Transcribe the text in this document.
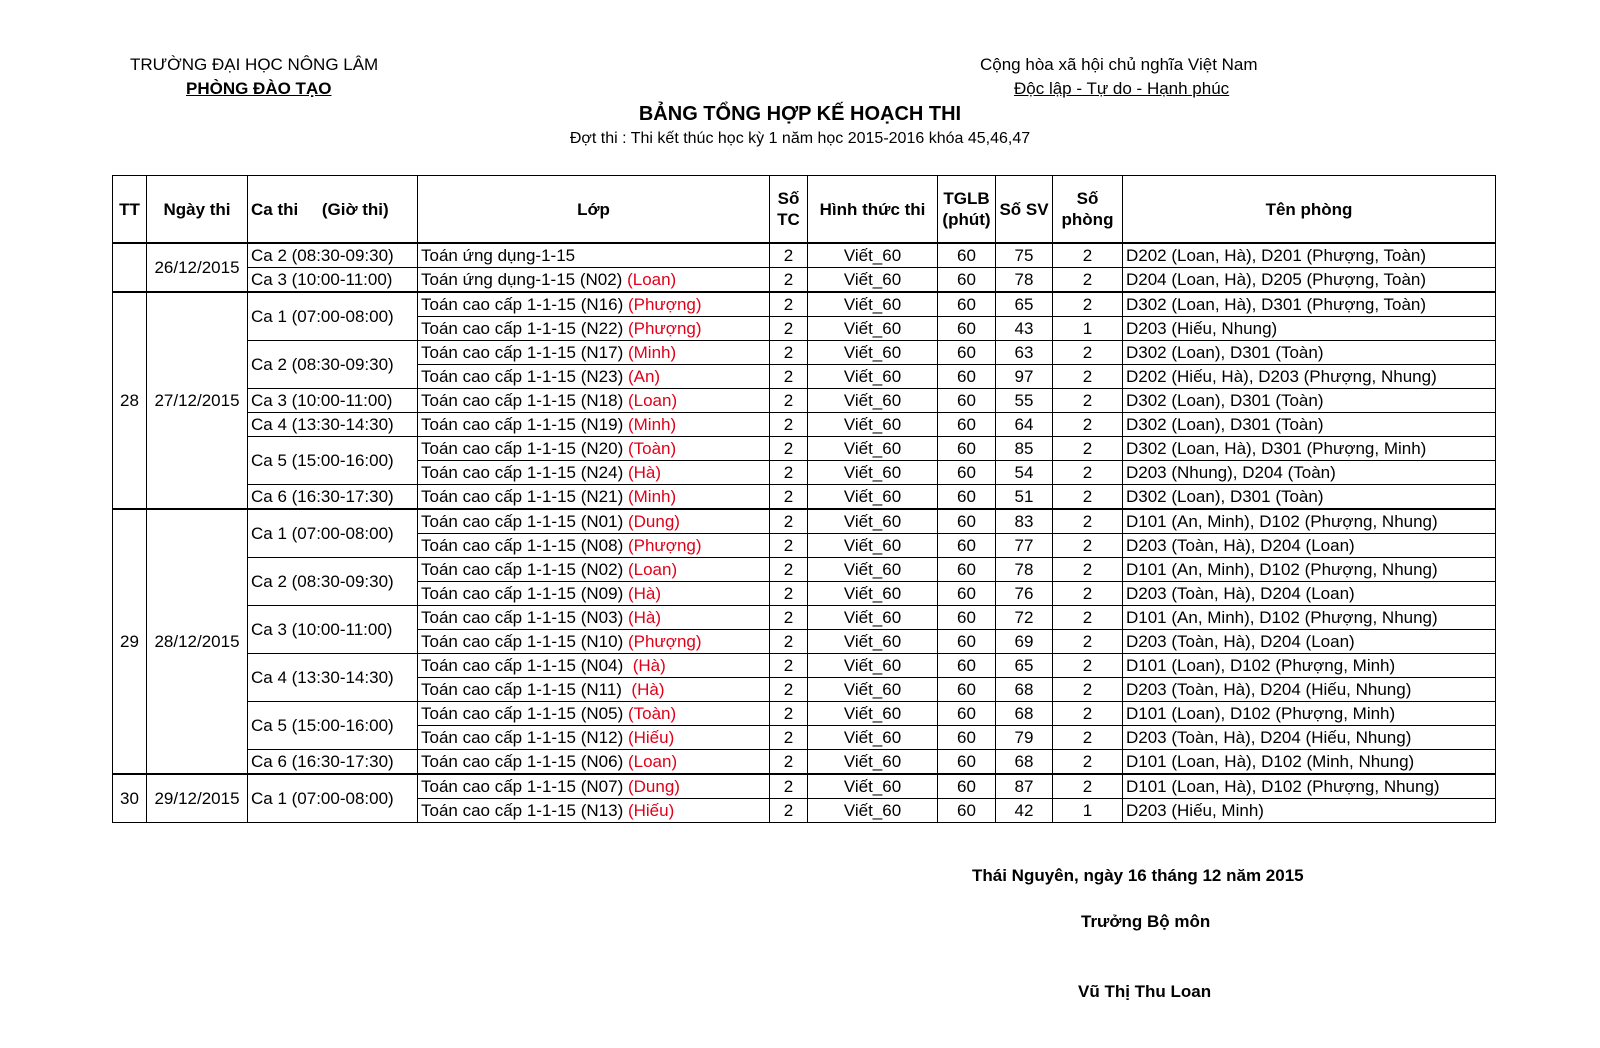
TRƯỜNG ĐẠI HỌC NÔNG LÂM
PHÒNG ĐÀO TẠO
Cộng hòa xã hội chủ nghĩa Việt Nam
Độc lập - Tự do - Hạnh phúc
BẢNG TỔNG HỢP KẾ HOẠCH THI
Đợt thi : Thi kết thúc học kỳ 1 năm học 2015-2016 khóa 45,46,47
TT	Ngày thi	Ca thi     (Giờ thi)	Lớp	Số TC	Hình thức thi	TGLB (phút)	Số SV	Số phòng	Tên phòng
	26/12/2015	Ca 2 (08:30-09:30)	Toán ứng dụng-1-15	2	Viết_60	60	75	2	D202 (Loan, Hà), D201 (Phượng, Toàn)
		Ca 3 (10:00-11:00)	Toán ứng dụng-1-15 (N02) (Loan)	2	Viết_60	60	78	2	D204 (Loan, Hà), D205 (Phượng, Toàn)
28	27/12/2015	Ca 1 (07:00-08:00)	Toán cao cấp 1-1-15 (N16) (Phượng)	2	Viết_60	60	65	2	D302 (Loan, Hà), D301 (Phượng, Toàn)
			Toán cao cấp 1-1-15 (N22) (Phượng)	2	Viết_60	60	43	1	D203 (Hiếu, Nhung)
		Ca 2 (08:30-09:30)	Toán cao cấp 1-1-15 (N17) (Minh)	2	Viết_60	60	63	2	D302 (Loan), D301 (Toàn)
			Toán cao cấp 1-1-15 (N23) (An)	2	Viết_60	60	97	2	D202 (Hiếu, Hà), D203 (Phượng, Nhung)
		Ca 3 (10:00-11:00)	Toán cao cấp 1-1-15 (N18) (Loan)	2	Viết_60	60	55	2	D302 (Loan), D301 (Toàn)
		Ca 4 (13:30-14:30)	Toán cao cấp 1-1-15 (N19) (Minh)	2	Viết_60	60	64	2	D302 (Loan), D301 (Toàn)
		Ca 5 (15:00-16:00)	Toán cao cấp 1-1-15 (N20) (Toàn)	2	Viết_60	60	85	2	D302 (Loan, Hà), D301 (Phượng, Minh)
			Toán cao cấp 1-1-15 (N24) (Hà)	2	Viết_60	60	54	2	D203 (Nhung), D204 (Toàn)
		Ca 6 (16:30-17:30)	Toán cao cấp 1-1-15 (N21) (Minh)	2	Viết_60	60	51	2	D302 (Loan), D301 (Toàn)
29	28/12/2015	Ca 1 (07:00-08:00)	Toán cao cấp 1-1-15 (N01) (Dung)	2	Viết_60	60	83	2	D101 (An, Minh), D102 (Phượng, Nhung)
			Toán cao cấp 1-1-15 (N08) (Phượng)	2	Viết_60	60	77	2	D203 (Toàn, Hà), D204 (Loan)
		Ca 2 (08:30-09:30)	Toán cao cấp 1-1-15 (N02) (Loan)	2	Viết_60	60	78	2	D101 (An, Minh), D102 (Phượng, Nhung)
			Toán cao cấp 1-1-15 (N09) (Hà)	2	Viết_60	60	76	2	D203 (Toàn, Hà), D204 (Loan)
		Ca 3 (10:00-11:00)	Toán cao cấp 1-1-15 (N03) (Hà)	2	Viết_60	60	72	2	D101 (An, Minh), D102 (Phượng, Nhung)
			Toán cao cấp 1-1-15 (N10) (Phượng)	2	Viết_60	60	69	2	D203 (Toàn, Hà), D204 (Loan)
		Ca 4 (13:30-14:30)	Toán cao cấp 1-1-15 (N04)  (Hà)	2	Viết_60	60	65	2	D101 (Loan), D102 (Phượng, Minh)
			Toán cao cấp 1-1-15 (N11)  (Hà)	2	Viết_60	60	68	2	D203 (Toàn, Hà), D204 (Hiếu, Nhung)
		Ca 5 (15:00-16:00)	Toán cao cấp 1-1-15 (N05) (Toàn)	2	Viết_60	60	68	2	D101 (Loan), D102 (Phượng, Minh)
			Toán cao cấp 1-1-15 (N12) (Hiếu)	2	Viết_60	60	79	2	D203 (Toàn, Hà), D204 (Hiếu, Nhung)
		Ca 6 (16:30-17:30)	Toán cao cấp 1-1-15 (N06) (Loan)	2	Viết_60	60	68	2	D101 (Loan, Hà), D102 (Minh, Nhung)
30	29/12/2015	Ca 1 (07:00-08:00)	Toán cao cấp 1-1-15 (N07) (Dung)	2	Viết_60	60	87	2	D101 (Loan, Hà), D102 (Phượng, Nhung)
			Toán cao cấp 1-1-15 (N13) (Hiếu)	2	Viết_60	60	42	1	D203 (Hiếu, Minh)
Thái Nguyên, ngày 16 tháng 12 năm 2015
Trưởng Bộ môn
Vũ Thị Thu Loan
